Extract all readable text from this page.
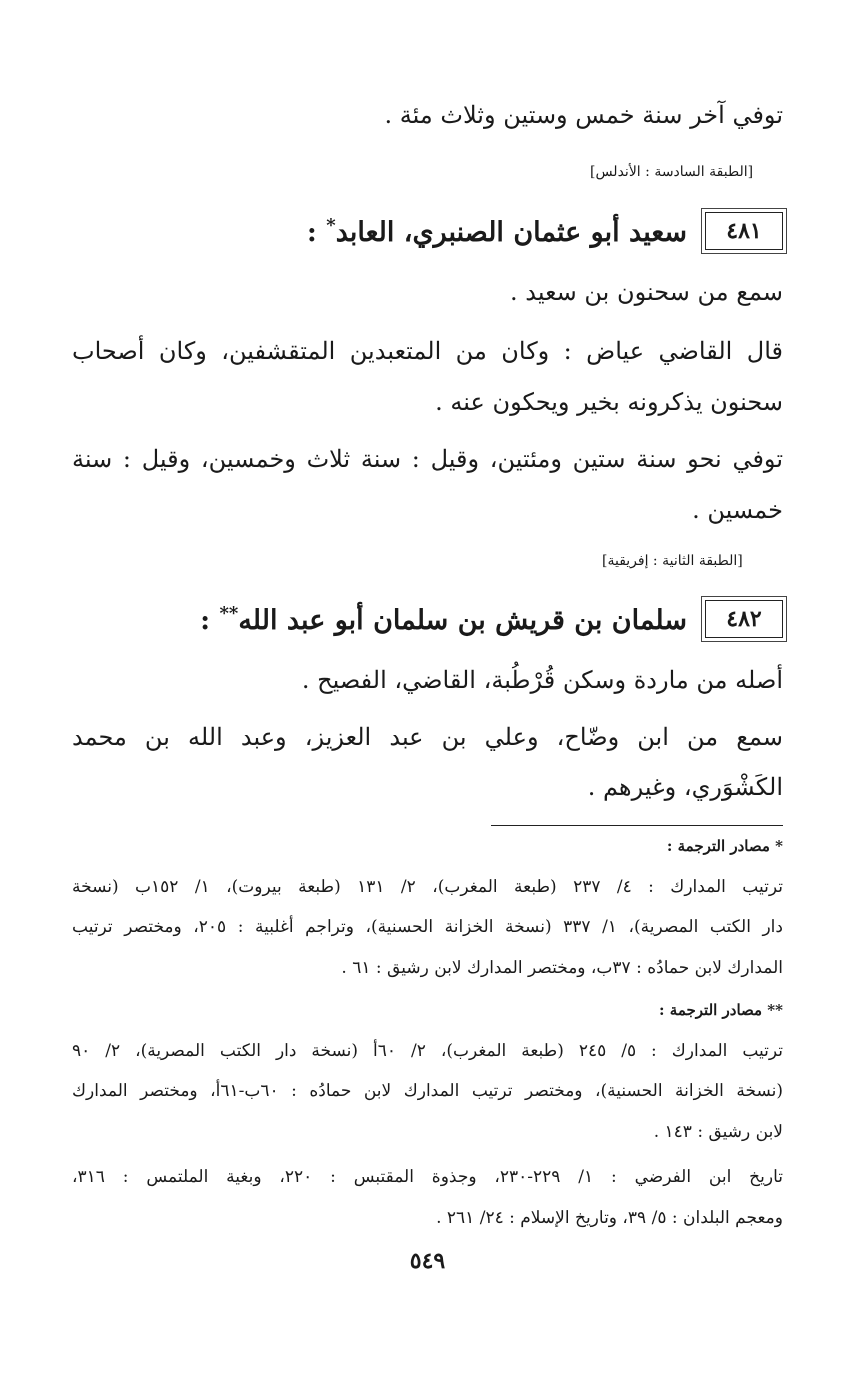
توفي آخر سنة خمس وستين وثلاث مئة .
[الطبقة السادسة : الأندلس]
٤٨١
سعيد أبو عثمان الصنبري، العابد* :
سمع من سحنون بن سعيد .
قال القاضي عياض : وكان من المتعبدين المتقشفين، وكان أصحاب
سحنون يذكرونه بخير ويحكون عنه .
توفي نحو سنة ستين ومئتين، وقيل : سنة ثلاث وخمسين، وقيل : سنة
خمسين .
[الطبقة الثانية : إفريقية]
٤٨٢
سلمان بن قريش بن سلمان أبو عبد الله** :
أصله من ماردة وسكن قُرْطُبة، القاضي، الفصيح .
سمع من ابن وضّاح، وعلي بن عبد العزيز، وعبد الله بن محمد
الكَشْوَري، وغيرهم .
* مصادر الترجمة :
ترتيب المدارك : ٤/ ٢٣٧ (طبعة المغرب)، ٢/ ١٣١ (طبعة بيروت)، ١/ ١٥٢ب (نسخة
دار الكتب المصرية)، ١/ ٣٣٧ (نسخة الخزانة الحسنية)، وتراجم أغلبية : ٢٠٥، ومختصر ترتيب
المدارك لابن حمادُه : ٣٧ب، ومختصر المدارك لابن رشيق : ٦١ .
** مصادر الترجمة :
ترتيب المدارك : ٥/ ٢٤٥ (طبعة المغرب)، ٢/ ٦٠أ (نسخة دار الكتب المصرية)، ٢/ ٩٠
(نسخة الخزانة الحسنية)، ومختصر ترتيب المدارك لابن حمادُه : ٦٠ب-٦١أ، ومختصر المدارك
لابن رشيق : ١٤٣ .
تاريخ ابن الفرضي : ١/ ٢٢٩-٢٣٠، وجذوة المقتبس : ٢٢٠، وبغية الملتمس : ٣١٦،
ومعجم البلدان : ٥/ ٣٩، وتاريخ الإسلام : ٢٤/ ٢٦١ .
٥٤٩
